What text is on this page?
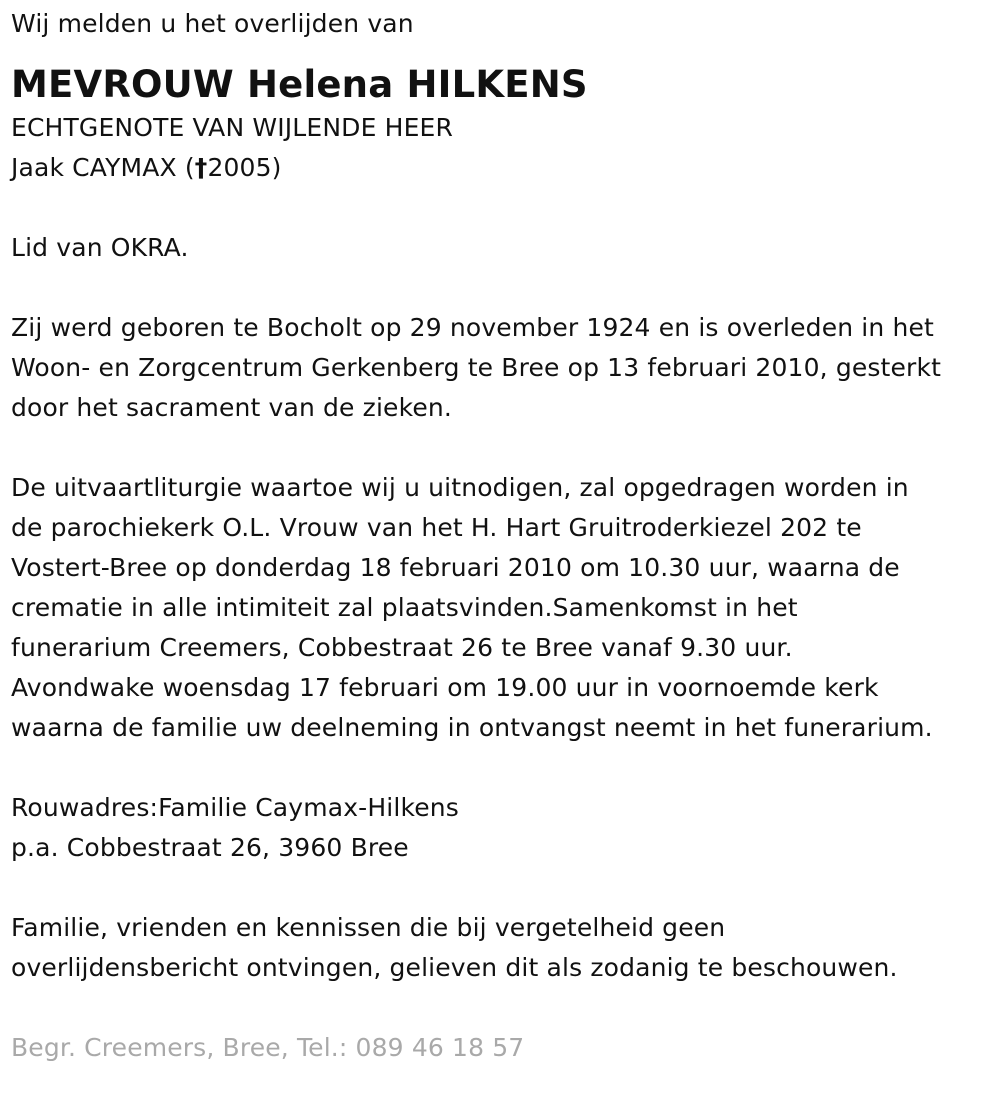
Wij melden u het overlijden van

MEVROUW Helena HILKENS

ECHTGENOTE VAN WIJLENDE HEER

Jaak CAYMAX (†2005)

Lid van OKRA.

Zij werd geboren te Bocholt op 29 november 1924 en is overleden in het

Woon- en Zorgcentrum Gerkenberg te Bree op 13 februari 2010, gesterkt

door het sacrament van de zieken.

De uitvaartliturgie waartoe wij u uitnodigen, zal opgedragen worden in

de parochiekerk O.L. Vrouw van het H. Hart Gruitroderkiezel 202 te

Vostert-Bree op donderdag 18 februari 2010 om 10.30 uur, waarna de

crematie in alle intimiteit zal plaatsvinden.Samenkomst in het

funerarium Creemers, Cobbestraat 26 te Bree vanaf 9.30 uur.

Avondwake woensdag 17 februari om 19.00 uur in voornoemde kerk

waarna de familie uw deelneming in ontvangst neemt in het funerarium.

Rouwadres:Familie Caymax-Hilkens

p.a. Cobbestraat 26, 3960 Bree

Familie, vrienden en kennissen die bij vergetelheid geen

overlijdensbericht ontvingen, gelieven dit als zodanig te beschouwen.

Begr. Creemers, Bree, Tel.: 089 46 18 57
